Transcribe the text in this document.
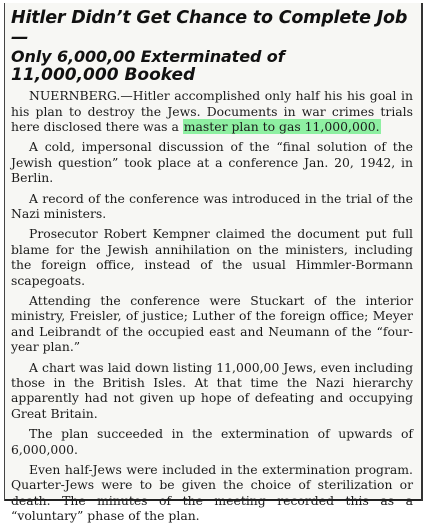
Hitler Didn’t Get Chance to Complete Job—
Only 6,000,00 Exterminated of
11,000,000 Booked

NUERNBERG.—Hitler accomplished only half his his goal in his plan to destroy the Jews. Documents in war crimes trials here disclosed there was a master plan to gas 11,000,000.

A cold, impersonal discussion of the “final solution of the Jewish question” took place at a conference Jan. 20, 1942, in Berlin.

A record of the conference was introduced in the trial of the Nazi ministers.

Prosecutor Robert Kempner claimed the document put full blame for the Jewish annihilation on the ministers, including the foreign office, instead of the usual Himmler-Bormann scapegoats.

Attending the conference were Stuckart of the interior ministry, Freisler, of justice; Luther of the foreign office; Meyer and Leibrandt of the occupied east and Neumann of the “four-year plan.”

A chart was laid down listing 11,000,00 Jews, even including those in the British Isles. At that time the Nazi hierarchy apparently had not given up hope of defeating and occupying Great Britain.

The plan succeeded in the extermination of upwards of 6,000,000.

Even half-Jews were included in the extermination program. Quarter-Jews were to be given the choice of sterilization or death. The minutes of the meeting recorded this as a “voluntary” phase of the plan.
